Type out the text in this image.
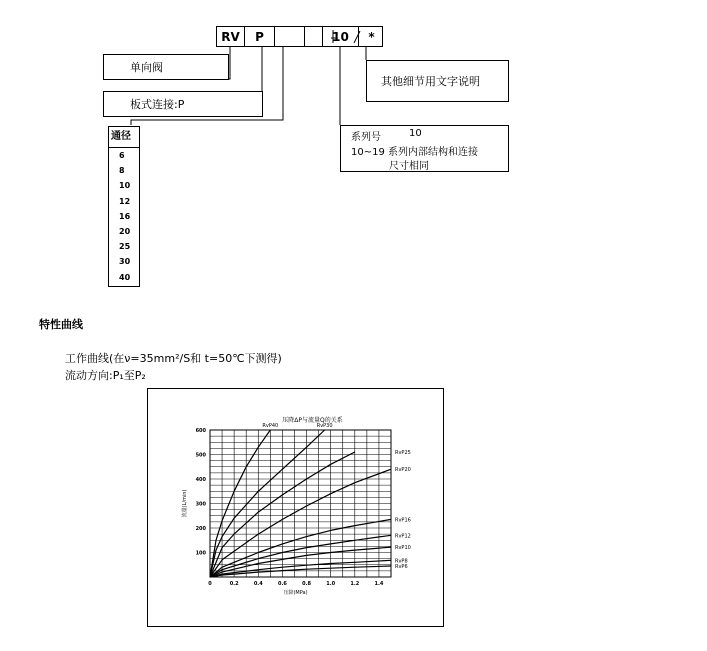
RV P	10 *
单向阀
板式连接:P
通径
6
8
10
12
16
20
25
30
40
其他细节用文字说明
系列号	10
10~19 系列内部结构和连接
尺寸相同
特性曲线
工作曲线(在ν=35mm²/S和 t=50℃下测得)
流动方向:P₁至P₂
0	0.2	0.4	0.6	0.8	1.0	1.2	1.4
100
200
300
400
500
600
压降ΔP与流量Q的关系
压降(MPa)
流量(L/min)
RvP40	RvP30
RvP25
RvP20
RvP16
RvP12
RvP10
RvP8
RvP6
